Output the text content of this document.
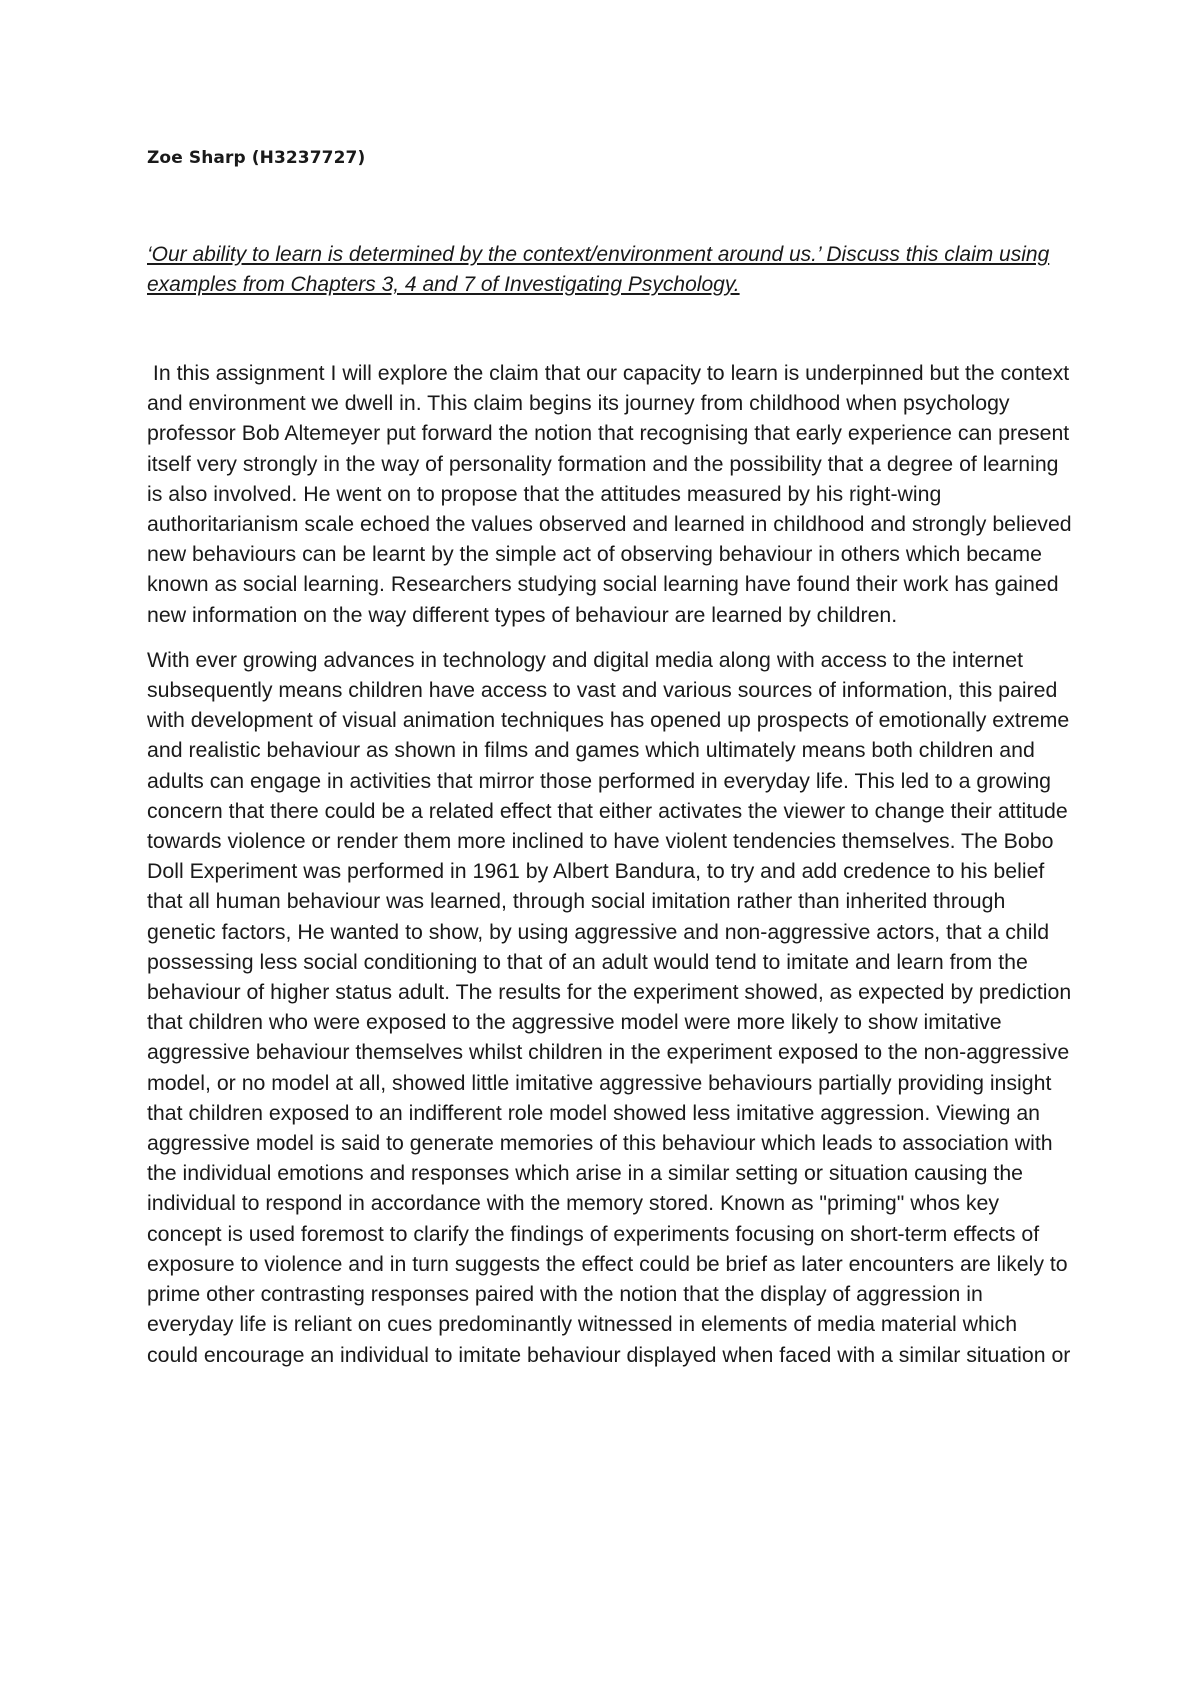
Zoe Sharp (H3237727)
‘Our ability to learn is determined by the context/environment around us.’ Discuss this claim using examples from Chapters 3, 4 and 7 of Investigating Psychology.

In this assignment I will explore the claim that our capacity to learn is underpinned but the context and environment we dwell in. This claim begins its journey from childhood when psychology professor Bob Altemeyer put forward the notion that recognising that early experience can present itself very strongly in the way of personality formation and the possibility that a degree of learning is also involved. He went on to propose that the attitudes measured by his right-wing authoritarianism scale echoed the values observed and learned in childhood and strongly believed new behaviours can be learnt by the simple act of observing behaviour in others which became known as social learning. Researchers studying social learning have found their work has gained new information on the way different types of behaviour are learned by children.

With ever growing advances in technology and digital media along with access to the internet subsequently means children have access to vast and various sources of information, this paired with development of visual animation techniques has opened up prospects of emotionally extreme and realistic behaviour as shown in films and games which ultimately means both children and adults can engage in activities that mirror those performed in everyday life. This led to a growing concern that there could be a related effect that either activates the viewer to change their attitude towards violence or render them more inclined to have violent tendencies themselves. The Bobo Doll Experiment was performed in 1961 by Albert Bandura, to try and add credence to his belief that all human behaviour was learned, through social imitation rather than inherited through genetic factors, He wanted to show, by using aggressive and non-aggressive actors, that a child possessing less social conditioning to that of an adult would tend to imitate and learn from the behaviour of higher status adult. The results for the experiment showed, as expected by prediction that children who were exposed to the aggressive model were more likely to show imitative aggressive behaviour themselves whilst children in the experiment exposed to the non-aggressive model, or no model at all, showed little imitative aggressive behaviours partially providing insight that children exposed to an indifferent role model showed less imitative aggression. Viewing an aggressive model is said to generate memories of this behaviour which leads to association with the individual emotions and responses which arise in a similar setting or situation causing the individual to respond in accordance with the memory stored. Known as "priming" whos key concept is used foremost to clarify the findings of experiments focusing on short-term effects of exposure to violence and in turn suggests the effect could be brief as later encounters are likely to prime other contrasting responses paired with the notion that the display of aggression in everyday life is reliant on cues predominantly witnessed in elements of media material which could encourage an individual to imitate behaviour displayed when faced with a similar situation or
